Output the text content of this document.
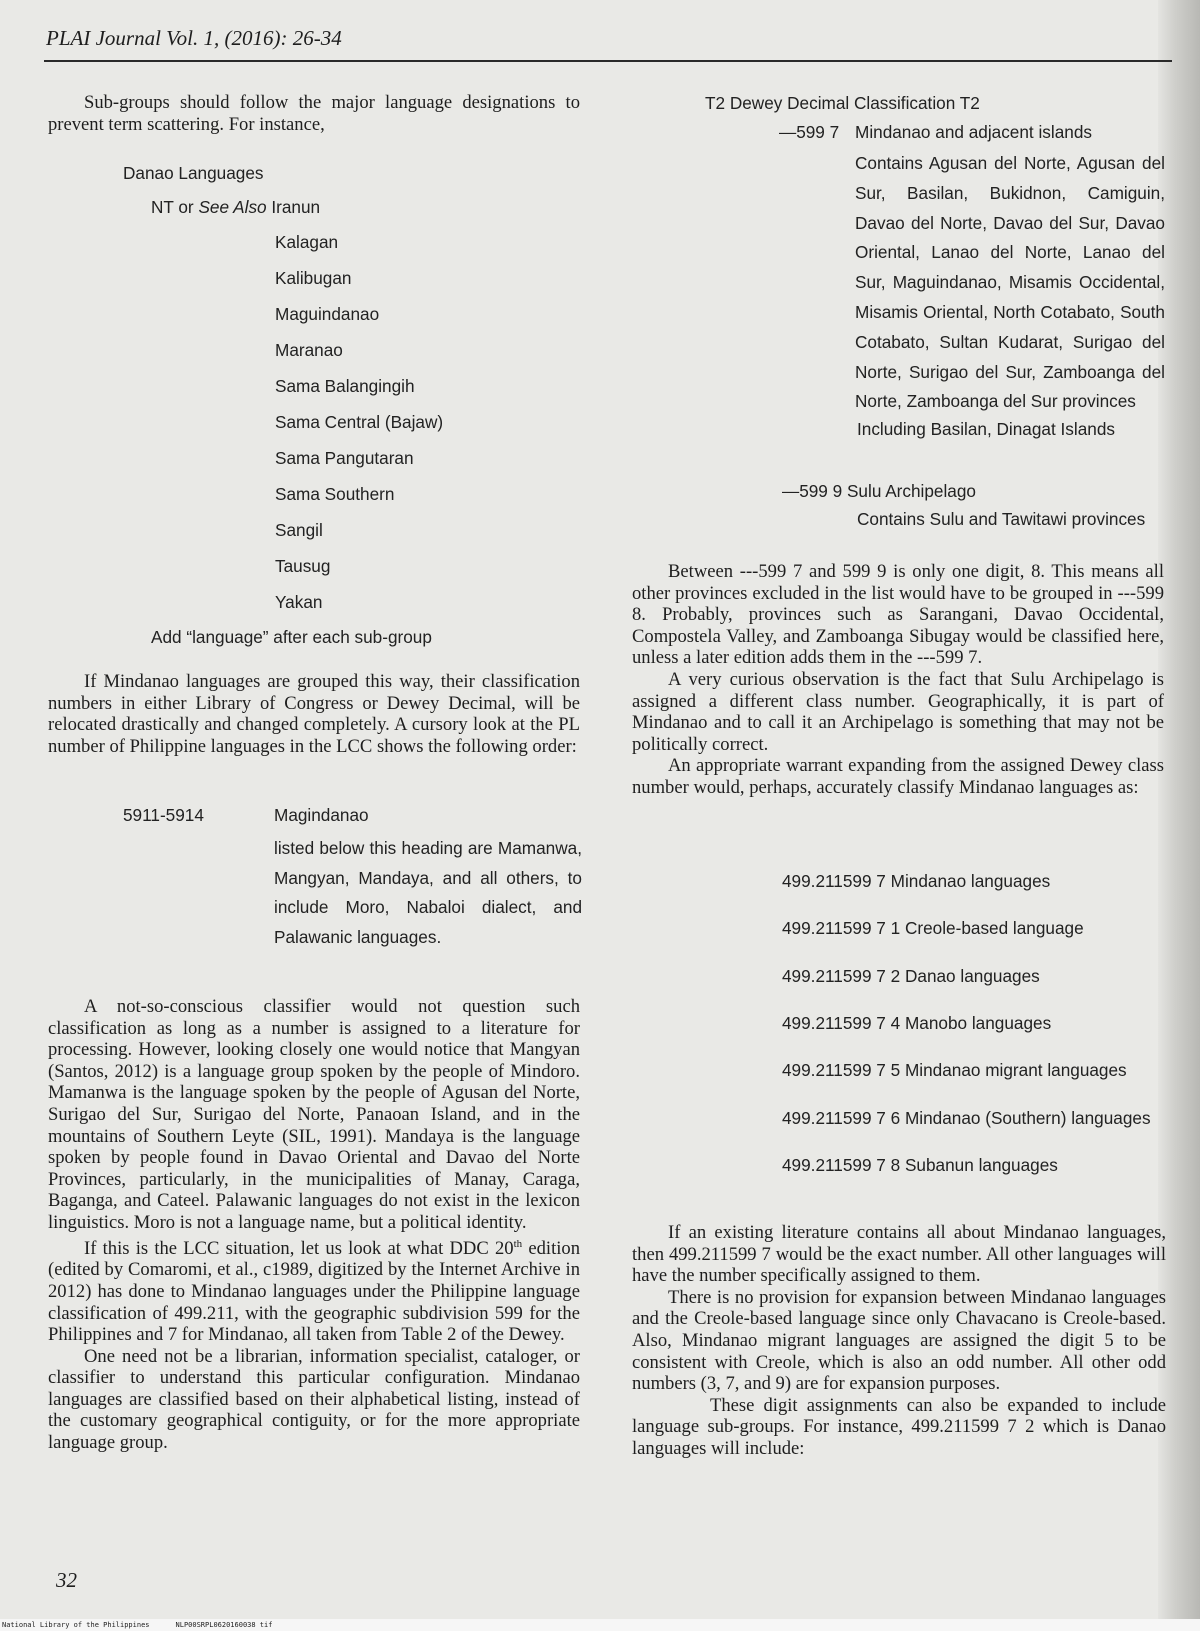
PLAI Journal Vol. 1, (2016): 26-34

Sub-groups should follow the major language designations to prevent term scattering. For instance,

Danao Languages
NT or See Also Iranun
Kalagan
Kalibugan
Maguindanao
Maranao
Sama Balangingih
Sama Central (Bajaw)
Sama Pangutaran
Sama Southern
Sangil
Tausug
Yakan
Add “language” after each sub-group

If Mindanao languages are grouped this way, their classification numbers in either Library of Congress or Dewey Decimal, will be relocated drastically and changed completely. A cursory look at the PL number of Philippine languages in the LCC shows the following order:

5911-5914	Magindanao
listed below this heading are Mamanwa, Mangyan, Mandaya, and all others, to include Moro, Nabaloi dialect, and Palawanic languages.

A not-so-conscious classifier would not question such classification as long as a number is assigned to a literature for processing. However, looking closely one would notice that Mangyan (Santos, 2012) is a language group spoken by the people of Mindoro. Mamanwa is the language spoken by the people of Agusan del Norte, Surigao del Sur, Surigao del Norte, Panaoan Island, and in the mountains of Southern Leyte (SIL, 1991). Mandaya is the language spoken by people found in Davao Oriental and Davao del Norte Provinces, particularly, in the municipalities of Manay, Caraga, Baganga, and Cateel. Palawanic languages do not exist in the lexicon linguistics. Moro is not a language name, but a political identity.

If this is the LCC situation, let us look at what DDC 20th edition (edited by Comaromi, et al., c1989, digitized by the Internet Archive in 2012) has done to Mindanao languages under the Philippine language classification of 499.211, with the geographic subdivision 599 for the Philippines and 7 for Mindanao, all taken from Table 2 of the Dewey.

One need not be a librarian, information specialist, cataloger, or classifier to understand this particular configuration. Mindanao languages are classified based on their alphabetical listing, instead of the customary geographical contiguity, or for the more appropriate language group.

T2 Dewey Decimal Classification T2
—599 7 Mindanao and adjacent islands
Contains Agusan del Norte, Agusan del Sur, Basilan, Bukidnon, Camiguin, Davao del Norte, Davao del Sur, Davao Oriental, Lanao del Norte, Lanao del Sur, Maguindanao, Misamis Occidental, Misamis Oriental, North Cotabato, South Cotabato, Sultan Kudarat, Surigao del Norte, Surigao del Sur, Zamboanga del Norte, Zamboanga del Sur provinces
Including Basilan, Dinagat Islands
—599 9 Sulu Archipelago
Contains Sulu and Tawitawi provinces

Between ---599 7 and 599 9 is only one digit, 8. This means all other provinces excluded in the list would have to be grouped in ---599 8. Probably, provinces such as Sarangani, Davao Occidental, Compostela Valley, and Zamboanga Sibugay would be classified here, unless a later edition adds them in the ---599 7.

A very curious observation is the fact that Sulu Archipelago is assigned a different class number. Geographically, it is part of Mindanao and to call it an Archipelago is something that may not be politically correct.

An appropriate warrant expanding from the assigned Dewey class number would, perhaps, accurately classify Mindanao languages as:

499.211599 7 Mindanao languages
499.211599 7 1 Creole-based language
499.211599 7 2 Danao languages
499.211599 7 4 Manobo languages
499.211599 7 5 Mindanao migrant languages
499.211599 7 6 Mindanao (Southern) languages
499.211599 7 8 Subanun languages

If an existing literature contains all about Mindanao languages, then 499.211599 7 would be the exact number. All other languages will have the number specifically assigned to them.

There is no provision for expansion between Mindanao languages and the Creole-based language since only Chavacano is Creole-based. Also, Mindanao migrant languages are assigned the digit 5 to be consistent with Creole, which is also an odd number. All other odd numbers (3, 7, and 9) are for expansion purposes.

These digit assignments can also be expanded to include language sub-groups. For instance, 499.211599 7 2 which is Danao languages will include:

32
National Library of the Philippines	NLP00SRPL0620160038 tif
